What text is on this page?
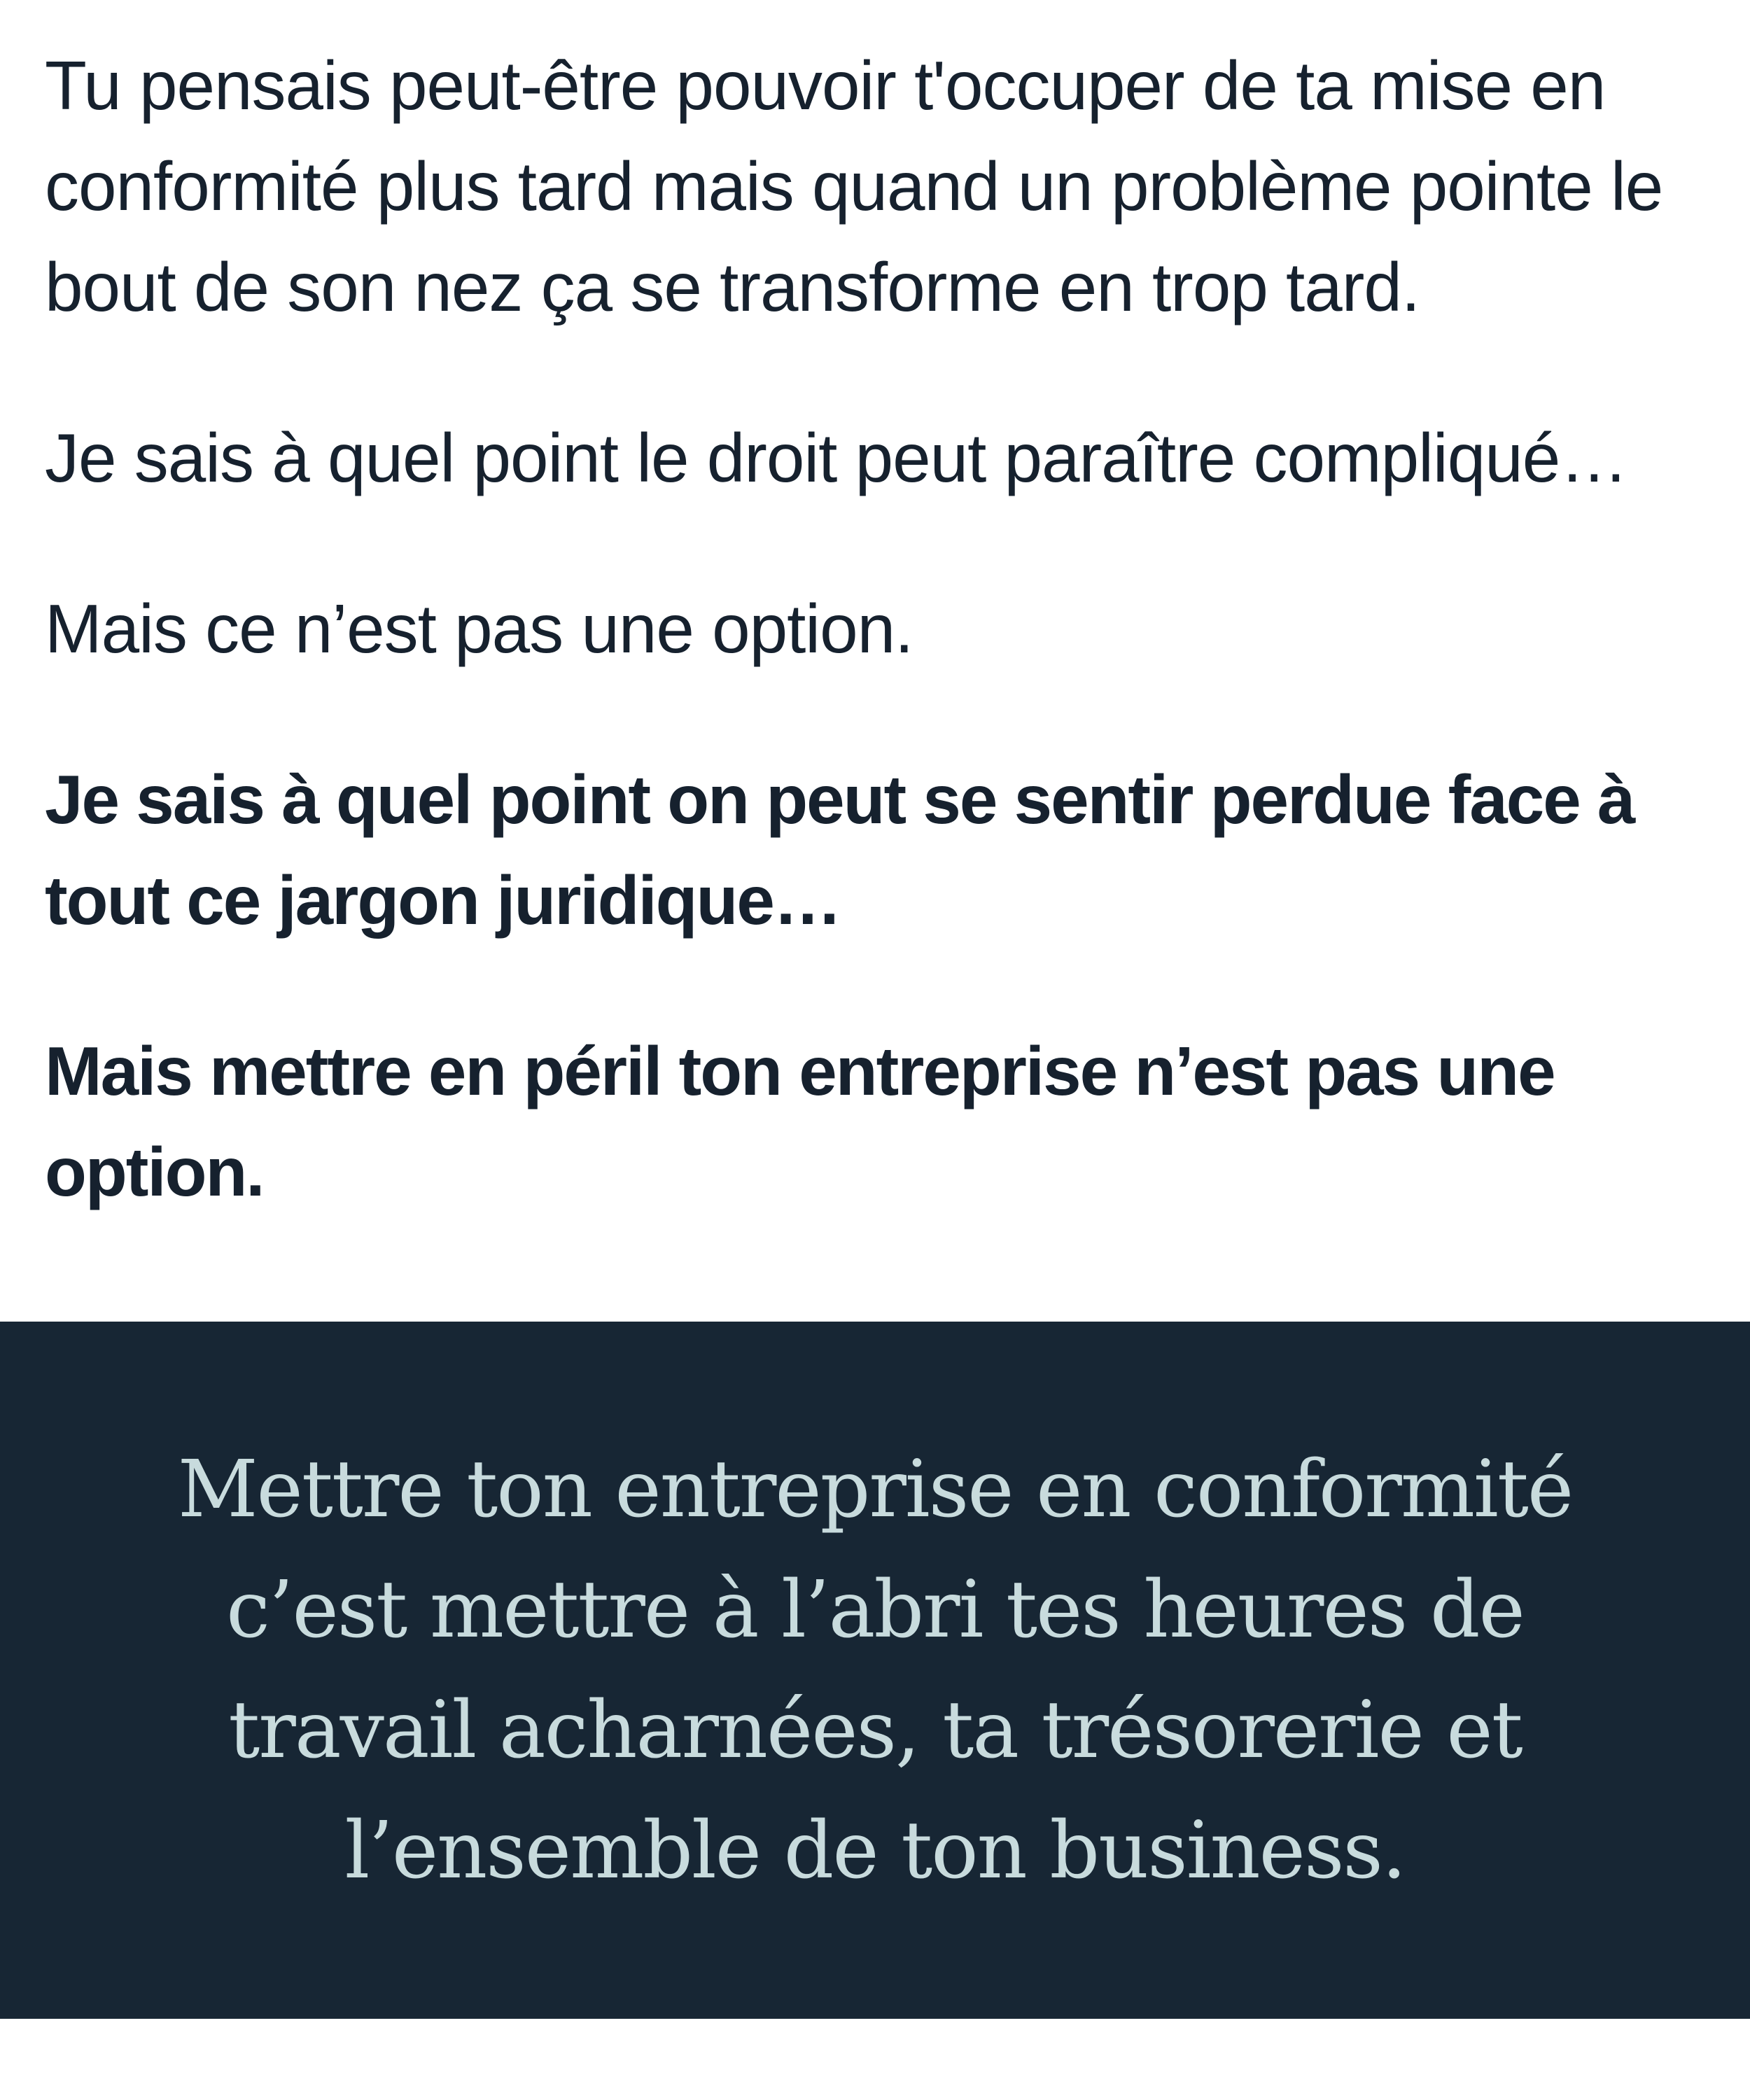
Tu pensais peut-être pouvoir t'occuper de ta mise en conformité plus tard mais quand un problème pointe le bout de son nez ça se transforme en trop tard.

Je sais à quel point le droit peut paraître compliqué…

Mais ce n’est pas une option.

Je sais à quel point on peut se sentir perdue face à tout ce jargon juridique…

Mais mettre en péril ton entreprise n’est pas une option.

Mettre ton entreprise en conformité c’est mettre à l’abri tes heures de travail acharnées, ta trésorerie et l’ensemble de ton business.
